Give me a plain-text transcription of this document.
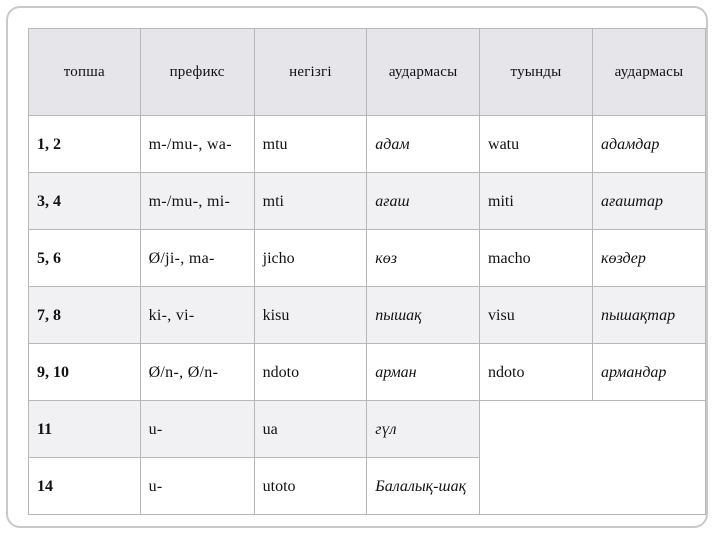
топша	префикс	негізгі	аудармасы	туынды	аудармасы
1, 2	m-/mu-, wa-	mtu	адам	watu	адамдар
3, 4	m-/mu-, mi-	mti	ағаш	miti	ағаштар
5, 6	Ø/ji-, ma-	jicho	көз	macho	көздер
7, 8	ki-, vi-	kisu	пышақ	visu	пышақтар
9, 10	Ø/n-, Ø/n-	ndoto	арман	ndoto	армандар
11	u-	ua	гүл		
14	u-	utoto	Балалық-шақ		
